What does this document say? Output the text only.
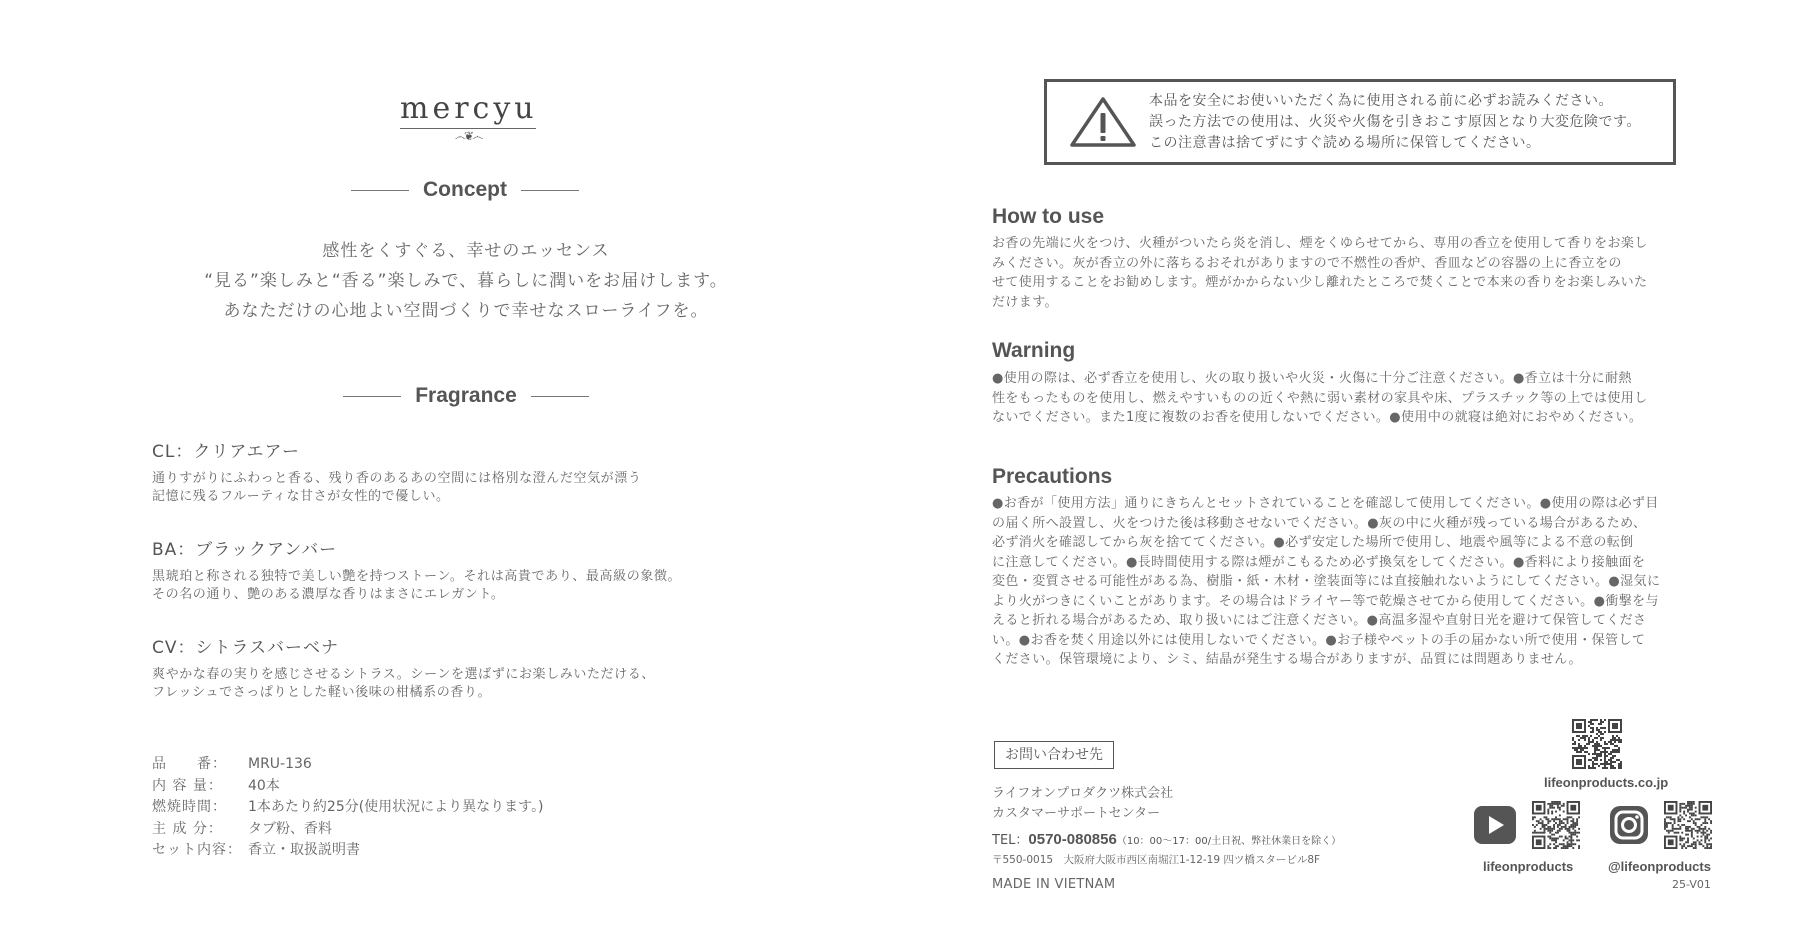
mercyu
෴❦෴
Concept
感性をくすぐる、幸せのエッセンス
“見る”楽しみと“香る”楽しみで、暮らしに潤いをお届けします。
あなただけの心地よい空間づくりで幸せなスローライフを。
Fragrance
CL：クリアエアー
通りすがりにふわっと香る、残り香のあるあの空間には格別な澄んだ空気が漂う
記憶に残るフルーティな甘さが女性的で優しい。
BA：ブラックアンバー
黒琥珀と称される独特で美しい艶を持つストーン。それは高貴であり、最高級の象徴。
その名の通り、艶のある濃厚な香りはまさにエレガント。
CV：シトラスバーベナ
爽やかな春の実りを感じさせるシトラス。シーンを選ばずにお楽しみいただける、
フレッシュでさっぱりとした軽い後味の柑橘系の香り。
品　　番：	MRU-136
内 容 量：	40本
燃焼時間：	1本あたり約25分(使用状況により異なります。)
主 成 分：	タブ粉、香料
セット内容： 香立・取扱説明書
本品を安全にお使いいただく為に使用される前に必ずお読みください。
誤った方法での使用は、火災や火傷を引きおこす原因となり大変危険です。
この注意書は捨てずにすぐ読める場所に保管してください。
How to use
お香の先端に火をつけ、火種がついたら炎を消し、煙をくゆらせてから、専用の香立を使用して香りをお楽し
みください。灰が香立の外に落ちるおそれがありますので不燃性の香炉、香皿などの容器の上に香立をの
せて使用することをお勧めします。煙がかからない少し離れたところで焚くことで本来の香りをお楽しみいた
だけます。
Warning
●使用の際は、必ず香立を使用し、火の取り扱いや火災・火傷に十分ご注意ください。●香立は十分に耐熱
性をもったものを使用し、燃えやすいものの近くや熱に弱い素材の家具や床、プラスチック等の上では使用し
ないでください。また1度に複数のお香を使用しないでください。●使用中の就寝は絶対におやめください。
Precautions
●お香が「使用方法」通りにきちんとセットされていることを確認して使用してください。●使用の際は必ず目
の届く所へ設置し、火をつけた後は移動させないでください。●灰の中に火種が残っている場合があるため、
必ず消火を確認してから灰を捨ててください。●必ず安定した場所で使用し、地震や風等による不意の転倒
に注意してください。●長時間使用する際は煙がこもるため必ず換気をしてください。●香料により接触面を
変色・変質させる可能性がある為、樹脂・紙・木材・塗装面等には直接触れないようにしてください。●湿気に
より火がつきにくいことがあります。その場合はドライヤー等で乾燥させてから使用してください。●衝撃を与
えると折れる場合があるため、取り扱いにはご注意ください。●高温多湿や直射日光を避けて保管してくださ
い。●お香を焚く用途以外には使用しないでください。●お子様やペットの手の届かない所で使用・保管して
ください。保管環境により、シミ、結晶が発生する場合がありますが、品質には問題ありません。
お問い合わせ先
ライフオンプロダクツ株式会社
カスタマーサポートセンター
TEL：0570-080856（10：00〜17：00/土日祝、弊社休業日を除く）
〒550-0015　大阪府大阪市西区南堀江1-12-19 四ツ橋スタービル8F
MADE IN VIETNAM
lifeonproducts.co.jp
lifeonproducts	@lifeonproducts
25-V01
